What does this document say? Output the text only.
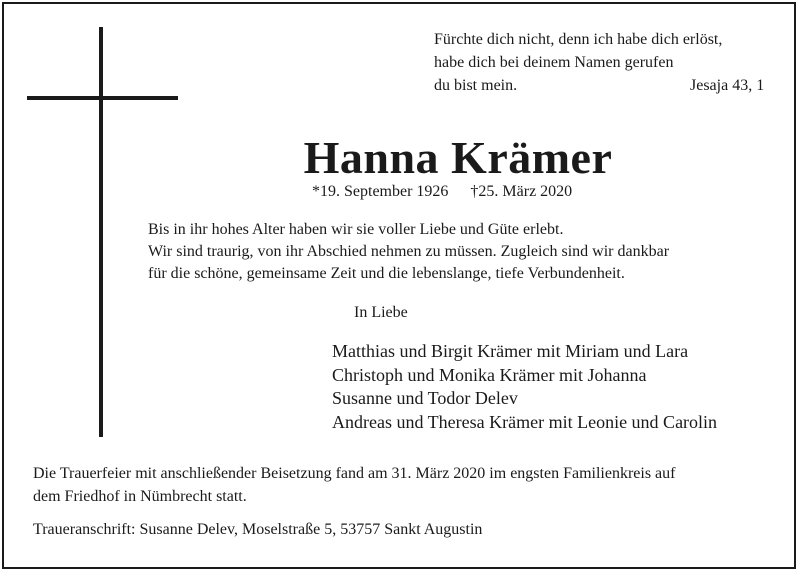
Fürchte dich nicht, denn ich habe dich erlöst,
habe dich bei deinem Namen gerufen
du bist mein.	Jesaja 43, 1
Hanna Krämer
*19. September 1926 †25. März 2020
Bis in ihr hohes Alter haben wir sie voller Liebe und Güte erlebt.
Wir sind traurig, von ihr Abschied nehmen zu müssen. Zugleich sind wir dankbar
für die schöne, gemeinsame Zeit und die lebenslange, tiefe Verbundenheit.
In Liebe
Matthias und Birgit Krämer mit Miriam und Lara
Christoph und Monika Krämer mit Johanna
Susanne und Todor Delev
Andreas und Theresa Krämer mit Leonie und Carolin
Die Trauerfeier mit anschließender Beisetzung fand am 31. März 2020 im engsten Familienkreis auf
dem Friedhof in Nümbrecht statt.
Traueranschrift: Susanne Delev, Moselstraße 5, 53757 Sankt Augustin
